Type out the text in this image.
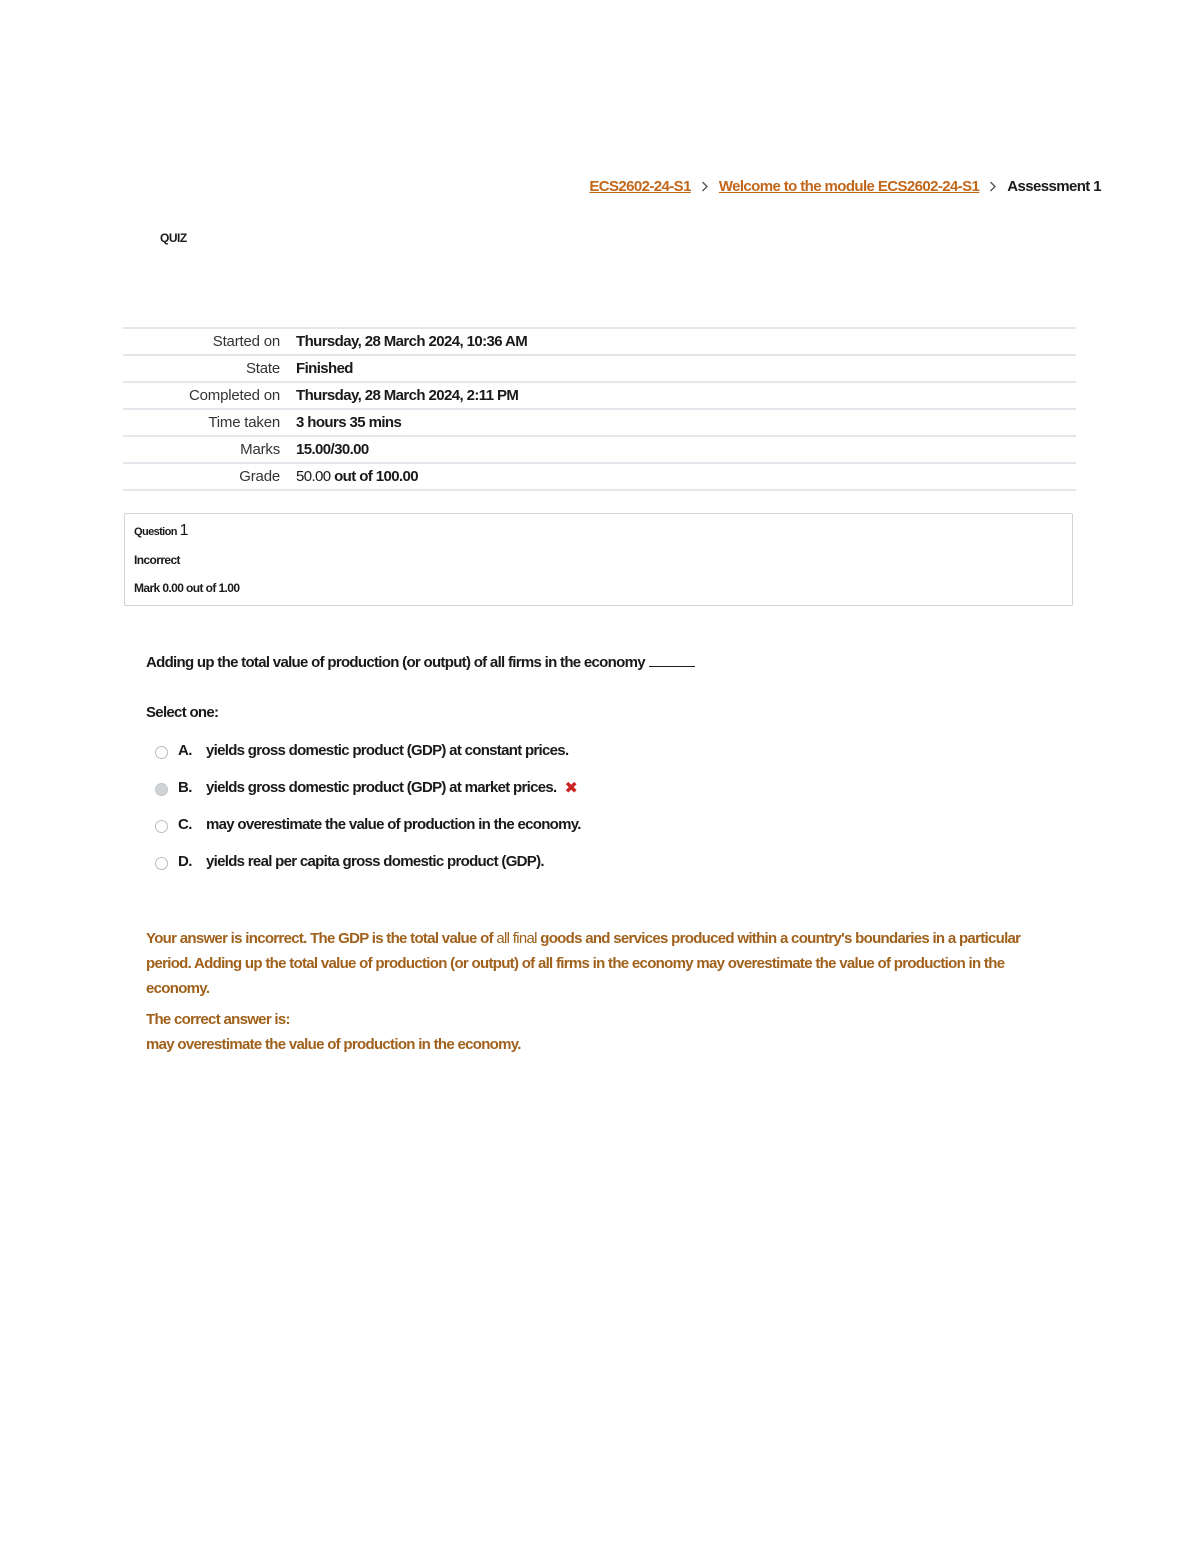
ECS2602-24-S1 Welcome to the module ECS2602-24-S1 Assessment 1
QUIZ
Started on	Thursday, 28 March 2024, 10:36 AM
State	Finished
Completed on	Thursday, 28 March 2024, 2:11 PM
Time taken	3 hours 35 mins
Marks	15.00/30.00
Grade	50.00 out of 100.00
Question 1
Incorrect
Mark 0.00 out of 1.00
Adding up the total value of production (or output) of all firms in the economy
Select one:
A. yields gross domestic product (GDP) at constant prices.
B. yields gross domestic product (GDP) at market prices. ✖
C. may overestimate the value of production in the economy.
D. yields real per capita gross domestic product (GDP).
Your answer is incorrect. The GDP is the total value of all final goods and services produced within a country's boundaries in a particular period. Adding up the total value of production (or output) of all firms in the economy may overestimate the value of production in the economy.
The correct answer is:
may overestimate the value of production in the economy.
